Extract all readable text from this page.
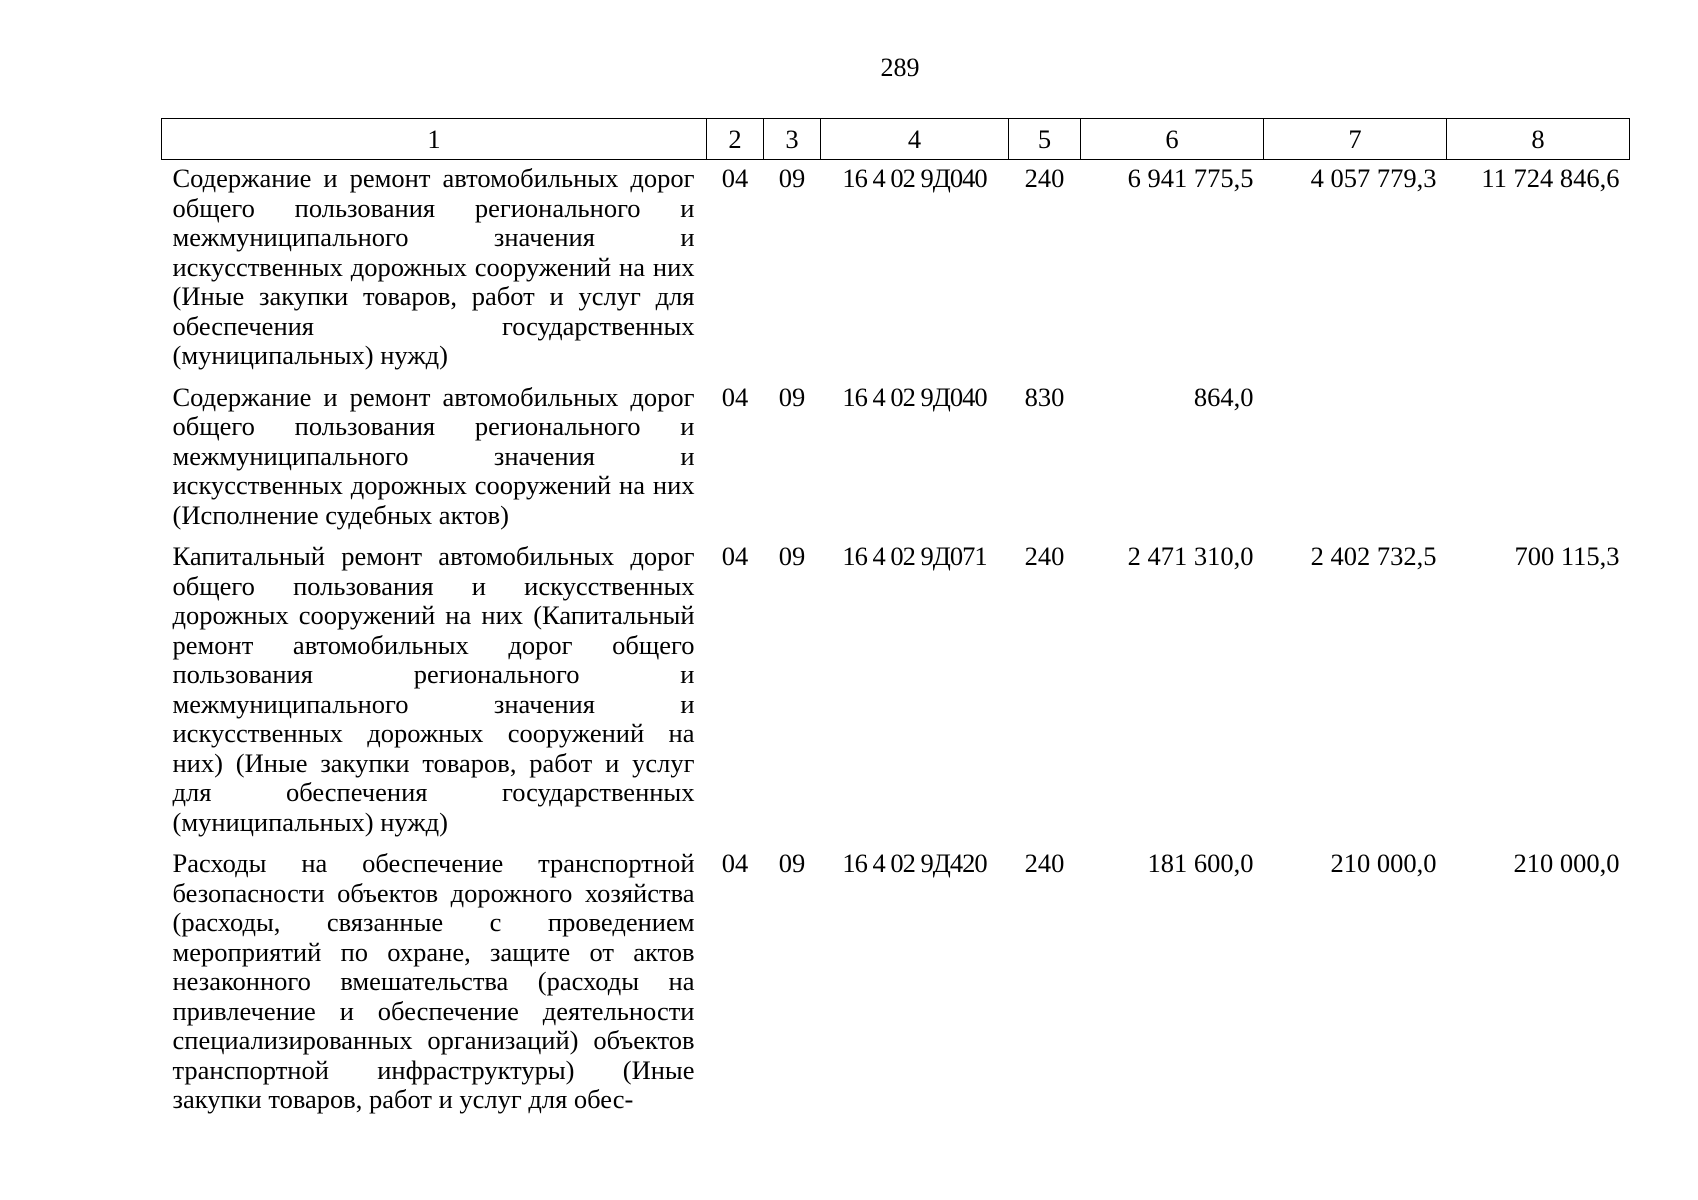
289
1	2	3	4	5	6	7	8
Содержание и ремонт автомобильных дорог общего пользования регионального и межмуниципального значения и искусственных дорожных сооружений на них (Иные закупки товаров, работ и услуг для обеспечения государственных (муниципальных) нужд)	04	09	16 4 02 9Д040	240	6 941 775,5	4 057 779,3	11 724 846,6
Содержание и ремонт автомобильных дорог общего пользования регионального и межмуниципального значения и искусственных дорожных сооружений на них (Исполнение судебных актов)	04	09	16 4 02 9Д040	830	864,0		
Капитальный ремонт автомобильных дорог общего пользования и искусственных дорожных сооружений на них (Капитальный ремонт автомобильных дорог общего пользования регионального и межмуниципального значения и искусственных дорожных сооружений на них) (Иные закупки товаров, работ и услуг для обеспечения государственных (муниципальных) нужд)	04	09	16 4 02 9Д071	240	2 471 310,0	2 402 732,5	700 115,3
Расходы на обеспечение транспортной безопасности объектов дорожного хозяйства (расходы, связанные с проведением мероприятий по охране, защите от актов незаконного вмешательства (расходы на привлечение и обеспечение деятельности специализированных организаций) объектов транспортной инфраструктуры) (Иные закупки товаров, работ и услуг для обес-	04	09	16 4 02 9Д420	240	181 600,0	210 000,0	210 000,0
